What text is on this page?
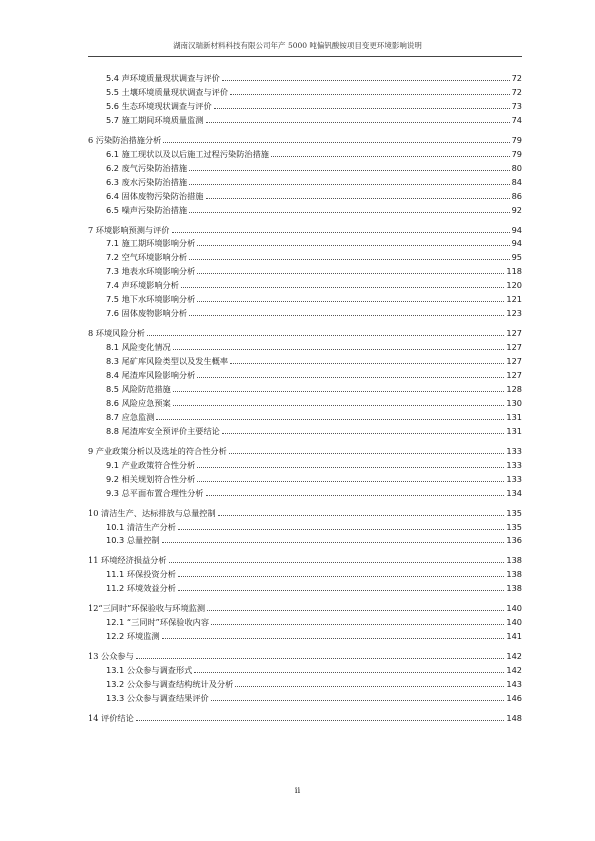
湖南汉瑞新材料科技有限公司年产 5000 吨偏钒酸铵项目变更环境影响说明
5.4 声环境质量现状调查与评价	72
5.5 土壤环境质量现状调查与评价	72
5.6 生态环境现状调查与评价	73
5.7 施工期间环境质量监测	74
6 污染防治措施分析	79
6.1 施工现状以及以后施工过程污染防治措施	79
6.2 废气污染防治措施	80
6.3 废水污染防治措施	84
6.4 固体废物污染防治措施	86
6.5 噪声污染防治措施	92
7 环境影响预测与评价	94
7.1 施工期环境影响分析	94
7.2 空气环境影响分析	95
7.3 地表水环境影响分析	118
7.4 声环境影响分析	120
7.5 地下水环境影响分析	121
7.6 固体废物影响分析	123
8 环境风险分析	127
8.1 风险变化情况	127
8.3 尾矿库风险类型以及发生概率	127
8.4 尾渣库风险影响分析	127
8.5 风险防范措施	128
8.6 风险应急预案	130
8.7 应急监测	131
8.8 尾渣库安全预评价主要结论	131
9 产业政策分析以及选址的符合性分析	133
9.1 产业政策符合性分析	133
9.2 相关规划符合性分析	133
9.3 总平面布置合理性分析	134
10 清洁生产、达标排放与总量控制	135
10.1 清洁生产分析	135
10.3 总量控制	136
11 环境经济损益分析	138
11.1 环保投资分析	138
11.2 环境效益分析	138
12“三同时”环保验收与环境监测	140
12.1 “三同时”环保验收内容	140
12.2 环境监测	141
13 公众参与	142
13.1 公众参与调查形式	142
13.2 公众参与调查结构统计及分析	143
13.3 公众参与调查结果评价	146
14 评价结论	148
ii
